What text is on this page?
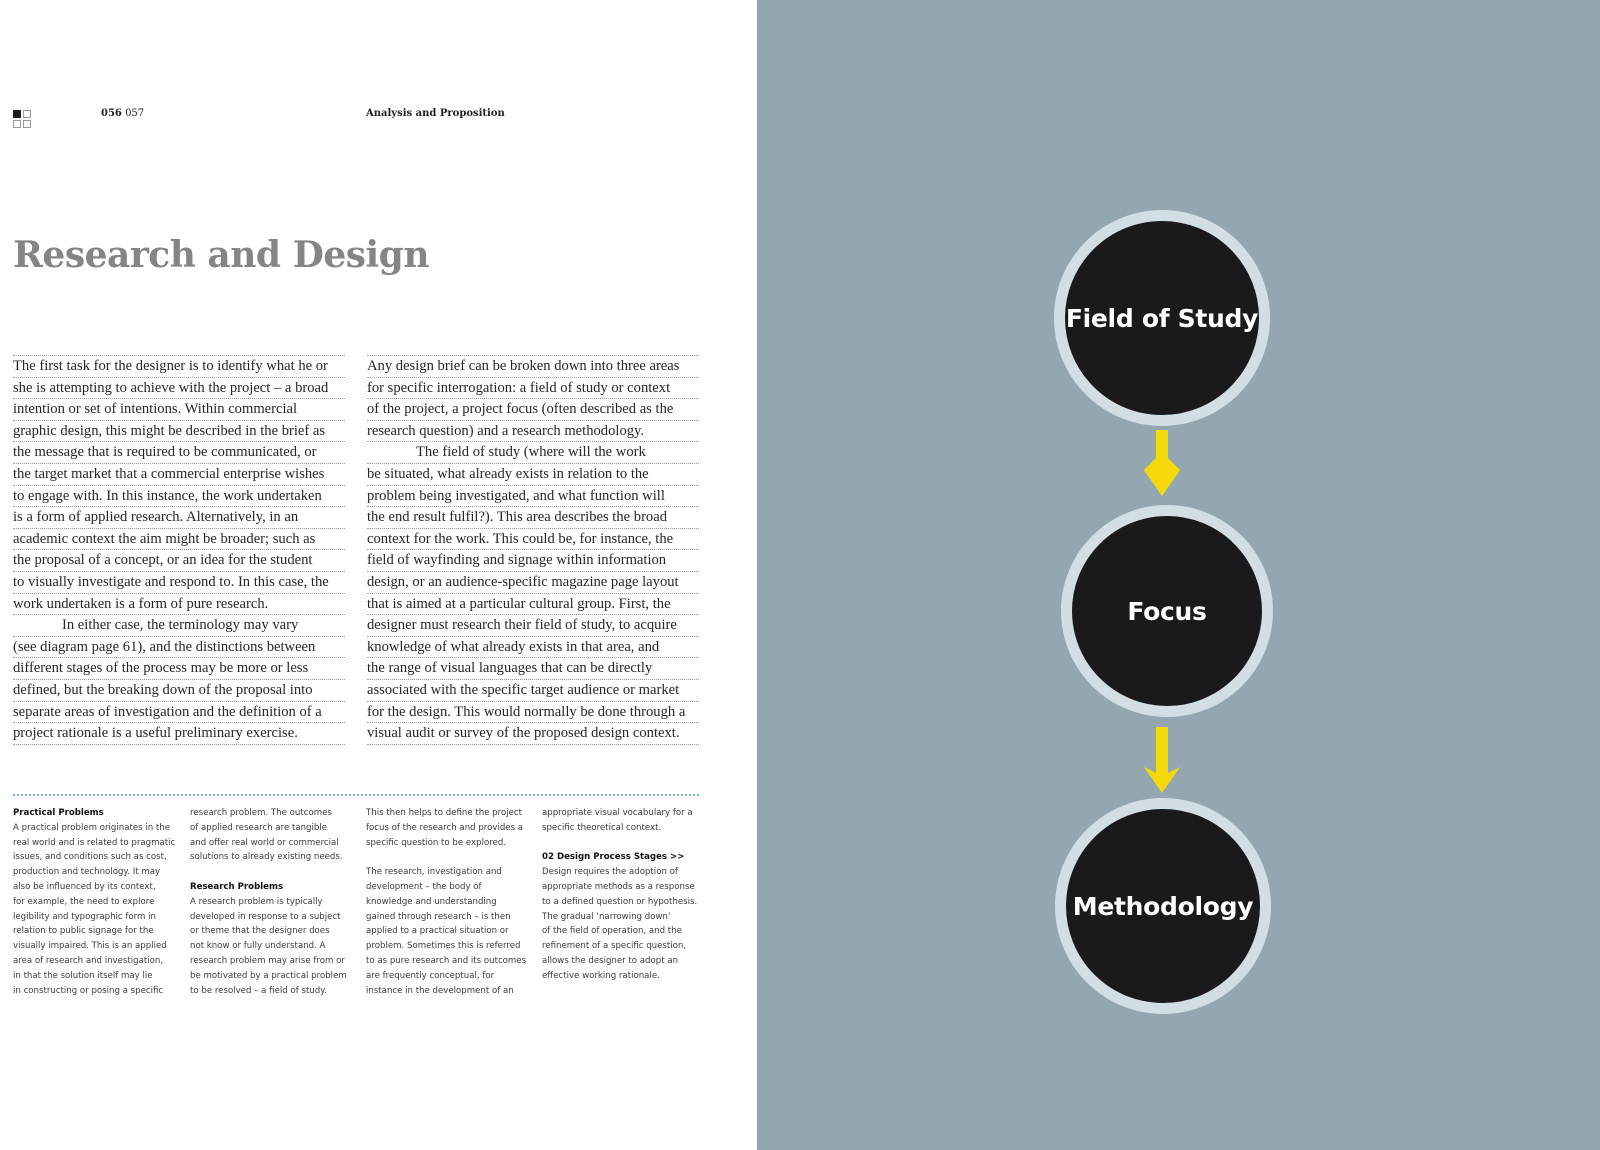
056 057	Analysis and Proposition
Research and Design
The first task for the designer is to identify what he or
she is attempting to achieve with the project – a broad
intention or set of intentions. Within commercial
graphic design, this might be described in the brief as
the message that is required to be communicated, or
the target market that a commercial enterprise wishes
to engage with. In this instance, the work undertaken
is a form of applied research. Alternatively, in an
academic context the aim might be broader; such as
the proposal of a concept, or an idea for the student
to visually investigate and respond to. In this case, the
work undertaken is a form of pure research.
In either case, the terminology may vary
(see diagram page 61), and the distinctions between
different stages of the process may be more or less
defined, but the breaking down of the proposal into
separate areas of investigation and the definition of a
project rationale is a useful preliminary exercise.
Any design brief can be broken down into three areas
for specific interrogation: a field of study or context
of the project, a project focus (often described as the
research question) and a research methodology.
The field of study (where will the work
be situated, what already exists in relation to the
problem being investigated, and what function will
the end result fulfil?). This area describes the broad
context for the work. This could be, for instance, the
field of wayfinding and signage within information
design, or an audience-specific magazine page layout
that is aimed at a particular cultural group. First, the
designer must research their field of study, to acquire
knowledge of what already exists in that area, and
the range of visual languages that can be directly
associated with the specific target audience or market
for the design. This would normally be done through a
visual audit or survey of the proposed design context.
Practical Problems
A practical problem originates in the
real world and is related to pragmatic
issues, and conditions such as cost,
production and technology. It may
also be influenced by its context,
for example, the need to explore
legibility and typographic form in
relation to public signage for the
visually impaired. This is an applied
area of research and investigation,
in that the solution itself may lie
in constructing or posing a specific
research problem. The outcomes
of applied research are tangible
and offer real world or commercial
solutions to already existing needs.
Research Problems
A research problem is typically
developed in response to a subject
or theme that the designer does
not know or fully understand. A
research problem may arise from or
be motivated by a practical problem
to be resolved – a field of study.
This then helps to define the project
focus of the research and provides a
specific question to be explored.
The research, investigation and
development – the body of
knowledge and understanding
gained through research – is then
applied to a practical situation or
problem. Sometimes this is referred
to as pure research and its outcomes
are frequently conceptual, for
instance in the development of an
appropriate visual vocabulary for a
specific theoretical context.
02 Design Process Stages >>
Design requires the adoption of
appropriate methods as a response
to a defined question or hypothesis.
The gradual ‘narrowing down’
of the field of operation, and the
refinement of a specific question,
allows the designer to adopt an
effective working rationale.
Field of Study
Focus
Methodology
